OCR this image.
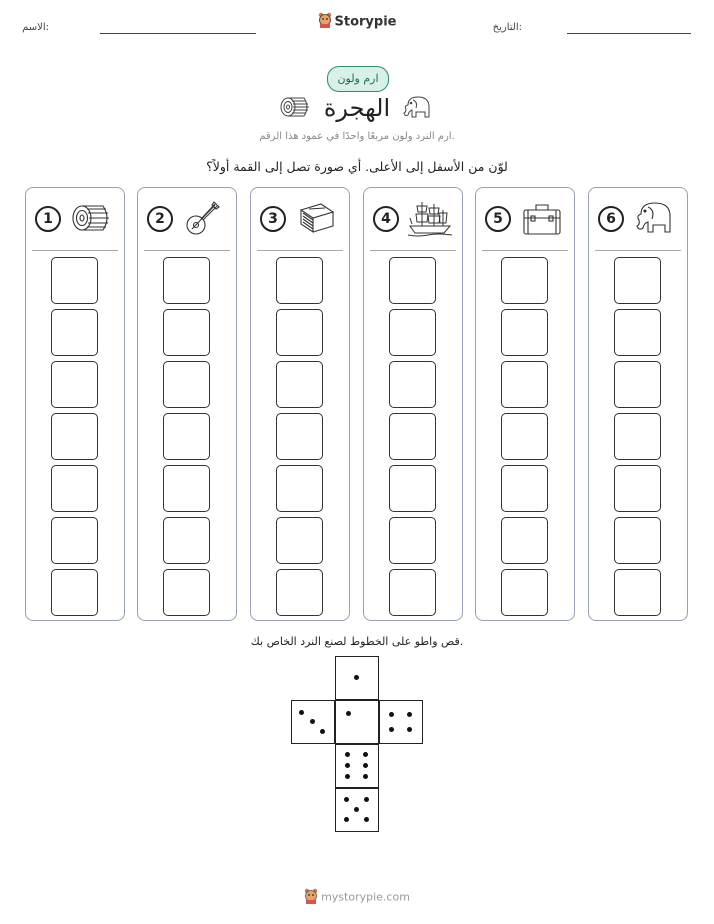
الاسم:	التاريخ:
Storypie
ارم ولون
الهجرة
ارم النرد ولون مربعًا واحدًا في عمود هذا الرقم.
لوّن من الأسفل إلى الأعلى. أي صورة تصل إلى القمة أولاً؟
1	2	3	4	5	6
قص واطو على الخطوط لصنع النرد الخاص بك.
mystorypie.com
